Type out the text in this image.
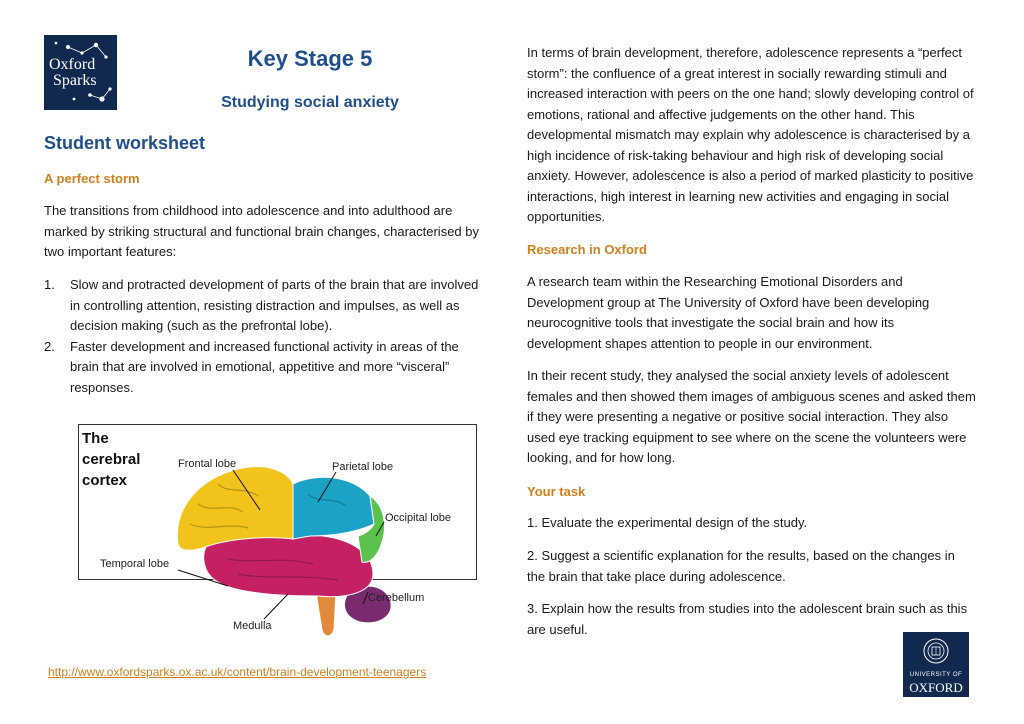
Oxford
Sparks
Key Stage 5
Studying social anxiety
Student worksheet
A perfect storm

The transitions from childhood into adolescence and into adulthood are marked by striking structural and functional brain changes, characterised by two important features:

1. Slow and protracted development of parts of the brain that are involved in controlling attention, resisting distraction and impulses, as well as decision making (such as the prefrontal lobe).
2. Faster development and increased functional activity in areas of the brain that are involved in emotional, appetitive and more “visceral” responses.
The
cerebral
cortex
Frontal lobe	Parietal lobe
Occipital lobe
Temporal lobe
Cerebellum
Medulla

In terms of brain development, therefore, adolescence represents a “perfect storm”: the confluence of a great interest in socially rewarding stimuli and increased interaction with peers on the one hand; slowly developing control of emotions, rational and affective judgements on the other hand. This developmental mismatch may explain why adolescence is characterised by a high incidence of risk-taking behaviour and high risk of developing social anxiety. However, adolescence is also a period of marked plasticity to positive interactions, high interest in learning new activities and engaging in social opportunities.

Research in Oxford

A research team within the Researching Emotional Disorders and Development group at The University of Oxford have been developing neurocognitive tools that investigate the social brain and how its development shapes attention to people in our environment.

In their recent study, they analysed the social anxiety levels of adolescent females and then showed them images of ambiguous scenes and asked them if they were presenting a negative or positive social interaction. They also used eye tracking equipment to see where on the scene the volunteers were looking, and for how long.

Your task

1. Evaluate the experimental design of the study.

2. Suggest a scientific explanation for the results, based on the changes in the brain that take place during adolescence.

3. Explain how the results from studies into the adolescent brain such as this are useful.

http://www.oxfordsparks.ox.ac.uk/content/brain-development-teenagers	UNIVERSITY OF
OXFORD
